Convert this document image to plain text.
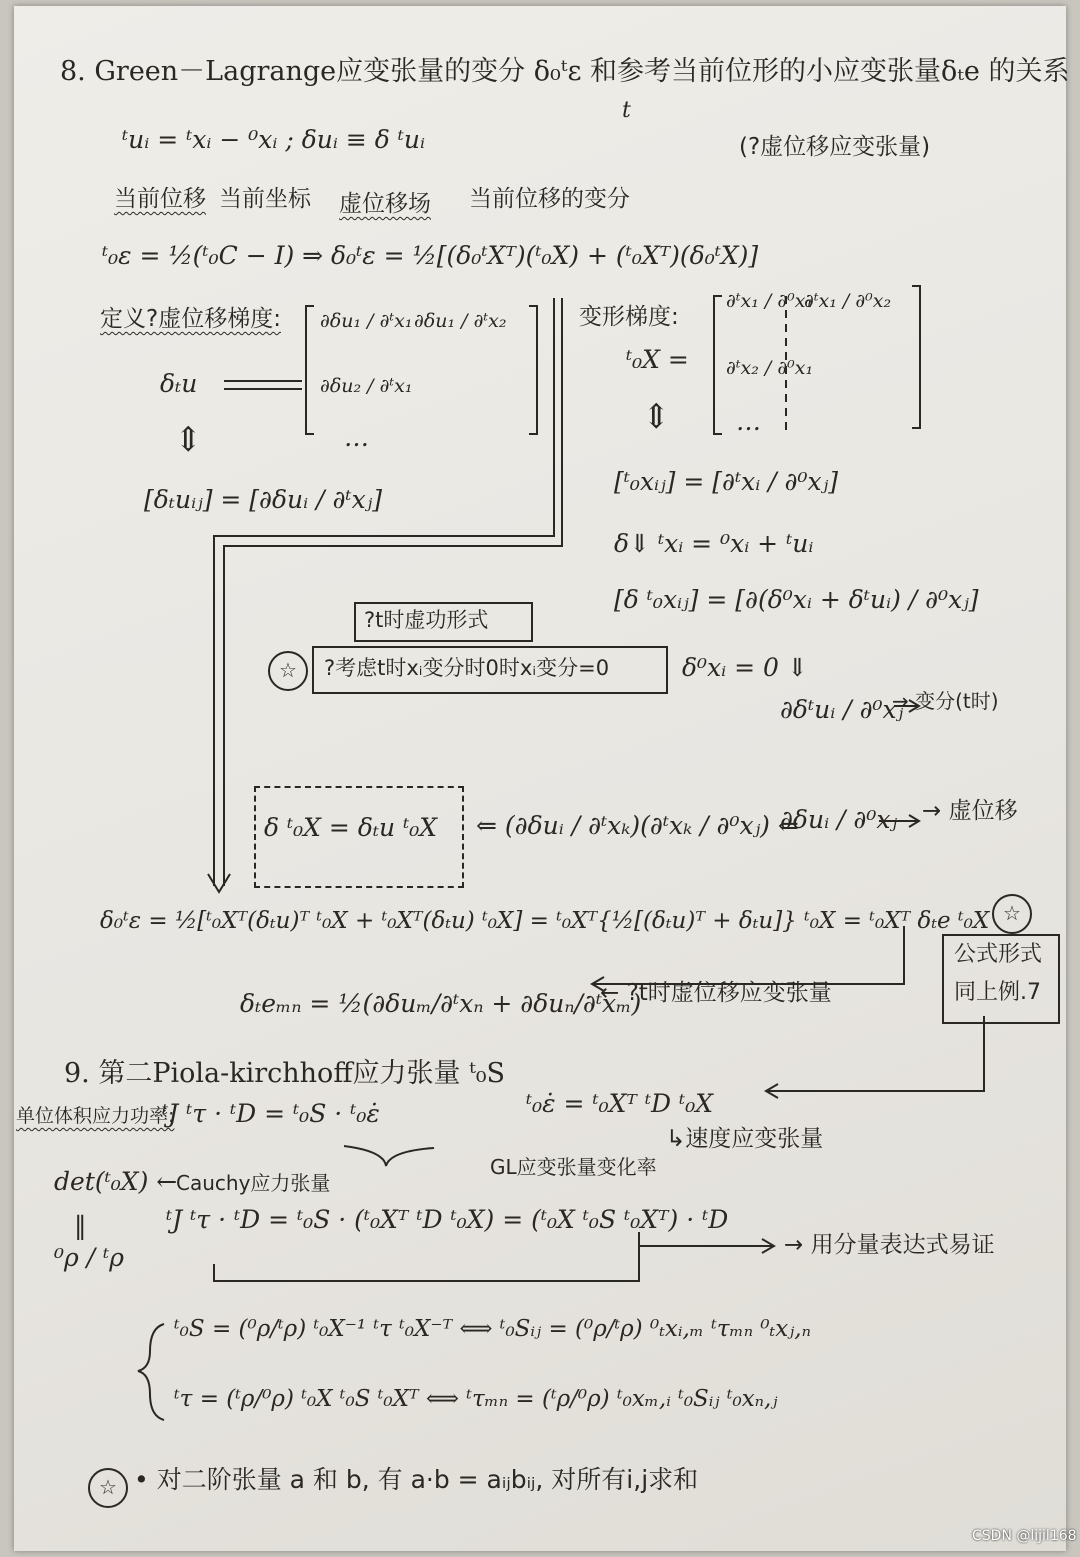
8. Green－Lagrange应变张量的变分 δ₀ᵗε 和参考当前位形的小应变张量δₜe 的关系
t
(?虚位移应变张量)
ᵗuᵢ = ᵗxᵢ − ⁰xᵢ ; δuᵢ ≡ δ ᵗuᵢ
当前位移 当前坐标 虚位移场 当前位移的变分
ᵗ₀ε = ½(ᵗ₀C − I) ⇒ δ₀ᵗε = ½[(δ₀ᵗXᵀ)(ᵗ₀X) + (ᵗ₀Xᵀ)(δ₀ᵗX)]
定义?虚位移梯度:
δₜu
∂δu₁ / ∂ᵗx₁ ∂δu₁ / ∂ᵗx₂
∂δu₂ / ∂ᵗx₁
…
⇕
[δₜuᵢⱼ] = [∂δuᵢ / ∂ᵗxⱼ]
变形梯度:
ᵗ₀X =
∂ᵗx₁ / ∂⁰x₁
∂ᵗx₁ / ∂⁰x₂
∂ᵗx₂ / ∂⁰x₁
…
⇕
[ᵗ₀xᵢⱼ] = [∂ᵗxᵢ / ∂⁰xⱼ]
δ⇓ ᵗxᵢ = ⁰xᵢ + ᵗuᵢ
[δ ᵗ₀xᵢⱼ] = [∂(δ⁰xᵢ + δᵗuᵢ) / ∂⁰xⱼ]
δ⁰xᵢ = 0 ⇓
∂δᵗuᵢ / ∂⁰xⱼ
→ 变分(t时)
∂δuᵢ / ∂⁰xⱼ → 虚位移
?t时虚功形式
?考虑t时xᵢ变分时0时xᵢ变分=0
☆
δ ᵗ₀X = δₜu ᵗ₀X ⇐ (∂δuᵢ / ∂ᵗxₖ)(∂ᵗxₖ / ∂⁰xⱼ) ⇐
δ₀ᵗε = ½[ᵗ₀Xᵀ(δₜu)ᵀ ᵗ₀X + ᵗ₀Xᵀ(δₜu) ᵗ₀X] = ᵗ₀Xᵀ{½[(δₜu)ᵀ + δₜu]} ᵗ₀X = ᵗ₀Xᵀ δₜe ᵗ₀X ☆
δₜeₘₙ = ½(∂δuₘ/∂ᵗxₙ + ∂δuₙ/∂ᵗxₘ)
← ?t时虚位移应变张量
公式形式
同上例.7
9. 第二Piola-kirchhoff应力张量 ᵗ₀S
单位体积应力功率:
ᵗJ ᵗτ · ᵗD = ᵗ₀S · ᵗ₀ε̇	ᵗ₀ε̇ = ᵗ₀Xᵀ ᵗD ᵗ₀X
det(ᵗ₀X) ←
‖
⁰ρ / ᵗρ
Cauchy应力张量
GL应变张量变化率
↳速度应变张量
ᵗJ ᵗτ · ᵗD = ᵗ₀S · (ᵗ₀Xᵀ ᵗD ᵗ₀X) = (ᵗ₀X ᵗ₀S ᵗ₀Xᵀ) · ᵗD
→ 用分量表达式易证
ᵗ₀S = (⁰ρ/ᵗρ) ᵗ₀X⁻¹ ᵗτ ᵗ₀X⁻ᵀ ⟺ ᵗ₀Sᵢⱼ = (⁰ρ/ᵗρ) ⁰ₜxᵢ,ₘ ᵗτₘₙ ⁰ₜxⱼ,ₙ
ᵗτ = (ᵗρ/⁰ρ) ᵗ₀X ᵗ₀S ᵗ₀Xᵀ ⟺ ᵗτₘₙ = (ᵗρ/⁰ρ) ᵗ₀xₘ,ᵢ ᵗ₀Sᵢⱼ ᵗ₀xₙ,ⱼ
☆ • 对二阶张量 a 和 b, 有 a·b = aᵢⱼbᵢⱼ, 对所有i,j求和
CSDN @lijil168
